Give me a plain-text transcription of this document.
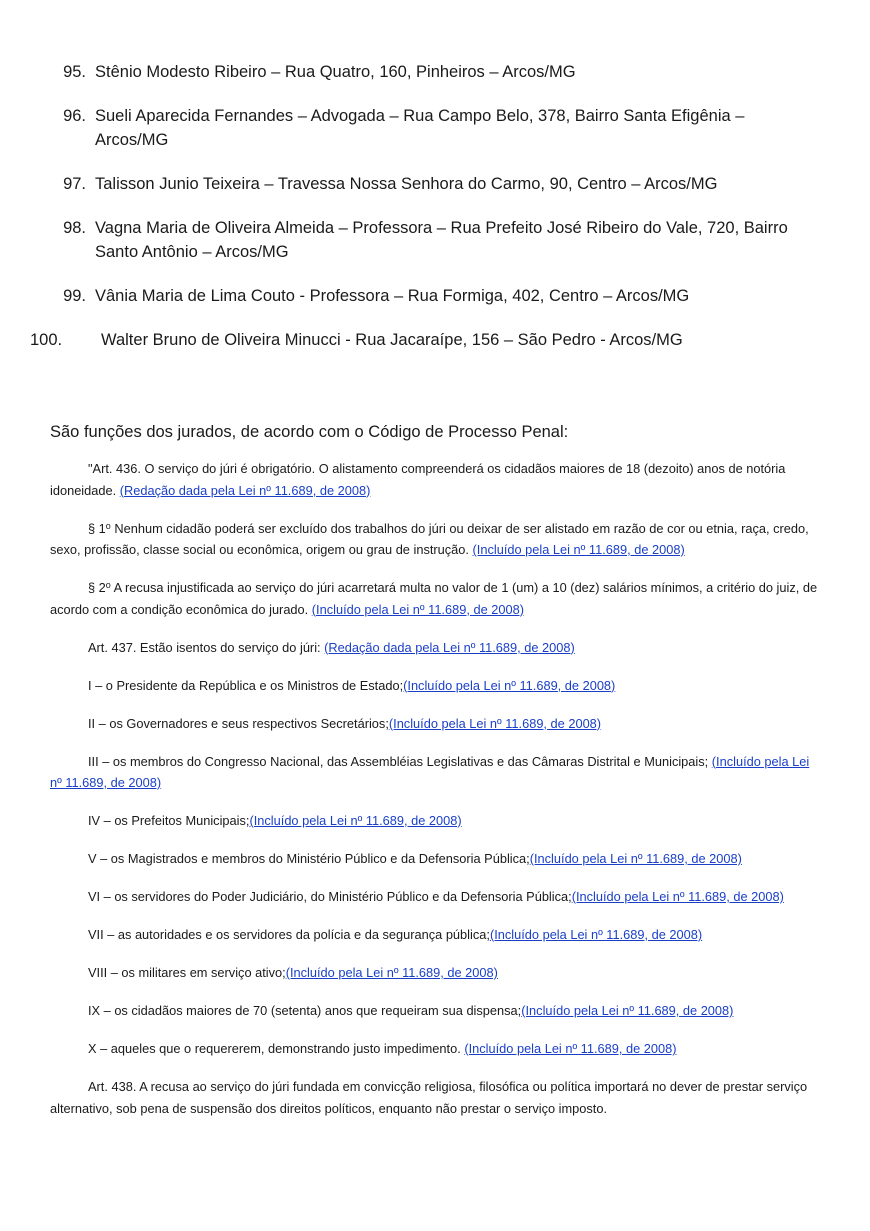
95. Stênio Modesto Ribeiro – Rua Quatro, 160, Pinheiros – Arcos/MG
96. Sueli Aparecida Fernandes – Advogada – Rua Campo Belo, 378, Bairro Santa Efigênia – Arcos/MG
97. Talisson Junio Teixeira – Travessa Nossa Senhora do Carmo, 90, Centro – Arcos/MG
98. Vagna Maria de Oliveira Almeida – Professora – Rua Prefeito José Ribeiro do Vale, 720, Bairro Santo Antônio – Arcos/MG
99. Vânia Maria de Lima Couto - Professora – Rua Formiga, 402, Centro – Arcos/MG
100.	Walter Bruno de Oliveira Minucci - Rua Jacaraípe, 156 – São Pedro - Arcos/MG
São funções dos jurados, de acordo com o Código de Processo Penal:

"Art. 436. O serviço do júri é obrigatório. O alistamento compreenderá os cidadãos maiores de 18 (dezoito) anos de notória idoneidade. (Redação dada pela Lei nº 11.689, de 2008)

§ 1$^o$ Nenhum cidadão poderá ser excluído dos trabalhos do júri ou deixar de ser alistado em razão de cor ou etnia, raça, credo, sexo, profissão, classe social ou econômica, origem ou grau de instrução. (Incluído pela Lei nº 11.689, de 2008)

§ 2$^o$ A recusa injustificada ao serviço do júri acarretará multa no valor de 1 (um) a 10 (dez) salários mínimos, a critério do juiz, de acordo com a condição econômica do jurado. (Incluído pela Lei nº 11.689, de 2008)

Art. 437. Estão isentos do serviço do júri: (Redação dada pela Lei nº 11.689, de 2008)

I – o Presidente da República e os Ministros de Estado;(Incluído pela Lei nº 11.689, de 2008)

II – os Governadores e seus respectivos Secretários;(Incluído pela Lei nº 11.689, de 2008)

III – os membros do Congresso Nacional, das Assembléias Legislativas e das Câmaras Distrital e Municipais; (Incluído pela Lei nº 11.689, de 2008)

IV – os Prefeitos Municipais;(Incluído pela Lei nº 11.689, de 2008)

V – os Magistrados e membros do Ministério Público e da Defensoria Pública;(Incluído pela Lei nº 11.689, de 2008)

VI – os servidores do Poder Judiciário, do Ministério Público e da Defensoria Pública;(Incluído pela Lei nº 11.689, de 2008)

VII – as autoridades e os servidores da polícia e da segurança pública;(Incluído pela Lei nº 11.689, de 2008)

VIII – os militares em serviço ativo;(Incluído pela Lei nº 11.689, de 2008)

IX – os cidadãos maiores de 70 (setenta) anos que requeiram sua dispensa;(Incluído pela Lei nº 11.689, de 2008)

X – aqueles que o requererem, demonstrando justo impedimento. (Incluído pela Lei nº 11.689, de 2008)

Art. 438. A recusa ao serviço do júri fundada em convicção religiosa, filosófica ou política importará no dever de prestar serviço alternativo, sob pena de suspensão dos direitos políticos, enquanto não prestar o serviço imposto.
